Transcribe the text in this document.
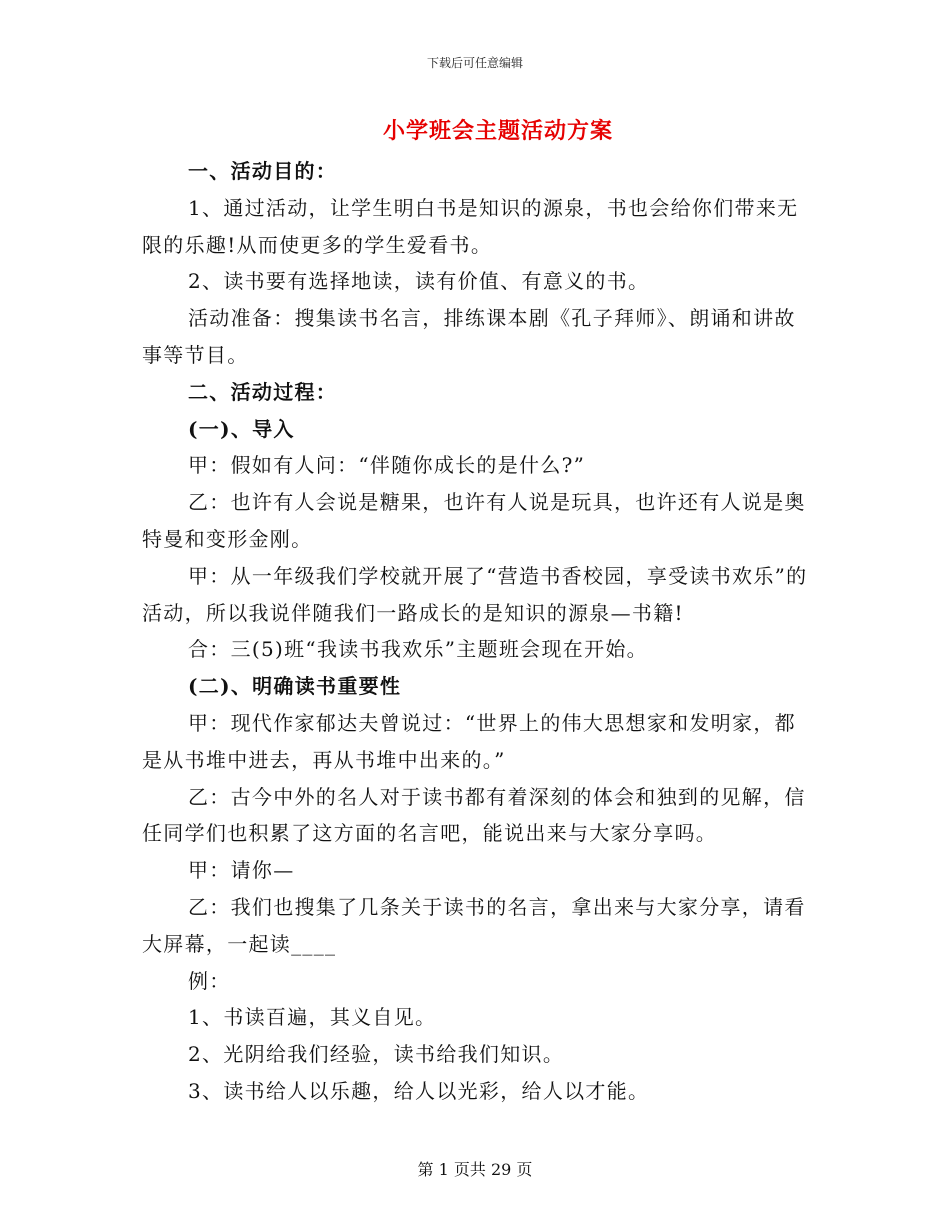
下载后可任意编辑
小学班会主题活动方案

一、活动目的：

1、通过活动，让学生明白书是知识的源泉，书也会给你们带来无限的乐趣!从而使更多的学生爱看书。

2、读书要有选择地读，读有价值、有意义的书。

活动准备：搜集读书名言，排练课本剧《孔子拜师》、朗诵和讲故事等节目。

二、活动过程：

(一)、导入

甲：假如有人问：“伴随你成长的是什么?”

乙：也许有人会说是糖果，也许有人说是玩具，也许还有人说是奥特曼和变形金刚。

甲：从一年级我们学校就开展了“营造书香校园，享受读书欢乐”的活动，所以我说伴随我们一路成长的是知识的源泉—书籍!

合：三(5)班“我读书我欢乐”主题班会现在开始。

(二)、明确读书重要性

甲：现代作家郁达夫曾说过：“世界上的伟大思想家和发明家，都是从书堆中进去，再从书堆中出来的。”

乙：古今中外的名人对于读书都有着深刻的体会和独到的见解，信任同学们也积累了这方面的名言吧，能说出来与大家分享吗。

甲：请你—

乙：我们也搜集了几条关于读书的名言，拿出来与大家分享，请看大屏幕，一起读____

例：

1、书读百遍，其义自见。

2、光阴给我们经验，读书给我们知识。

3、读书给人以乐趣，给人以光彩，给人以才能。

第 1 页共 29 页
